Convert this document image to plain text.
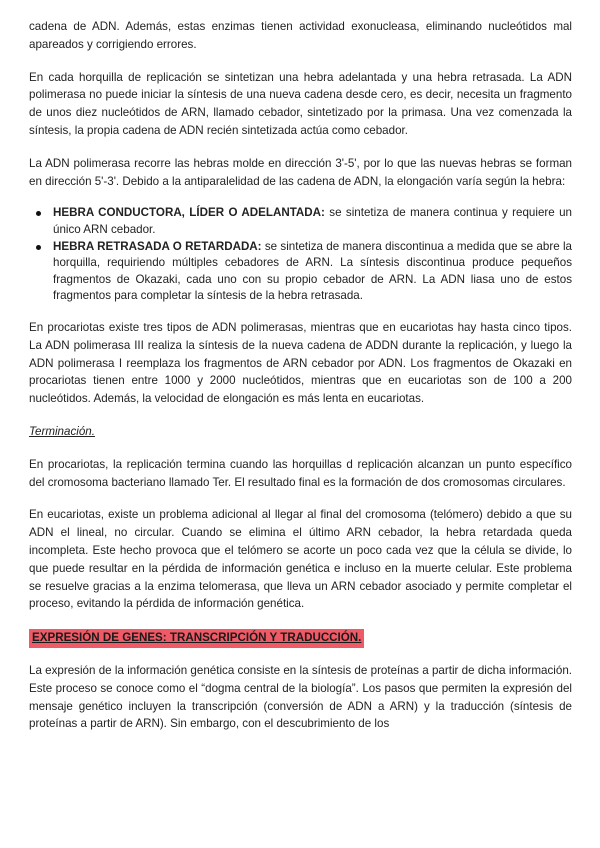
cadena de ADN. Además, estas enzimas tienen actividad exonucleasa, eliminando nucleótidos mal apareados y corrigiendo errores.

En cada horquilla de replicación se sintetizan una hebra adelantada y una hebra retrasada. La ADN polimerasa no puede iniciar la síntesis de una nueva cadena desde cero, es decir, necesita un fragmento de unos diez nucleótidos de ARN, llamado cebador, sintetizado por la primasa. Una vez comenzada la síntesis, la propia cadena de ADN recién sintetizada actúa como cebador.

La ADN polimerasa recorre las hebras molde en dirección 3'-5', por lo que las nuevas hebras se forman en dirección 5'-3'. Debido a la antiparalelidad de las cadena de ADN, la elongación varía según la hebra:

HEBRA CONDUCTORA, LÍDER O ADELANTADA: se sintetiza de manera continua y requiere un único ARN cebador.
HEBRA RETRASADA O RETARDADA: se sintetiza de manera discontinua a medida que se abre la horquilla, requiriendo múltiples cebadores de ARN. La síntesis discontinua produce pequeños fragmentos de Okazaki, cada uno con su propio cebador de ARN. La ADN liasa uno de estos fragmentos para completar la síntesis de la hebra retrasada.

En procariotas existe tres tipos de ADN polimerasas, mientras que en eucariotas hay hasta cinco tipos. La ADN polimerasa III realiza la síntesis de la nueva cadena de ADDN durante la replicación, y luego la ADN polimerasa I reemplaza los fragmentos de ARN cebador por ADN. Los fragmentos de Okazaki en procariotas tienen entre 1000 y 2000 nucleótidos, mientras que en eucariotas son de 100 a 200 nucleótidos. Además, la velocidad de elongación es más lenta en eucariotas.

Terminación.

En procariotas, la replicación termina cuando las horquillas d replicación alcanzan un punto específico del cromosoma bacteriano llamado Ter. El resultado final es la formación de dos cromosomas circulares.

En eucariotas, existe un problema adicional al llegar al final del cromosoma (telómero) debido a que su ADN el lineal, no circular. Cuando se elimina el último ARN cebador, la hebra retardada queda incompleta. Este hecho provoca que el telómero se acorte un poco cada vez que la célula se divide, lo que puede resultar en la pérdida de información genética e incluso en la muerte celular. Este problema se resuelve gracias a la enzima telomerasa, que lleva un ARN cebador asociado y permite completar el proceso, evitando la pérdida de información genética.

EXPRESIÓN DE GENES: TRANSCRIPCIÓN Y TRADUCCIÓN.

La expresión de la información genética consiste en la síntesis de proteínas a partir de dicha información. Este proceso se conoce como el “dogma central de la biología”. Los pasos que permiten la expresión del mensaje genético incluyen la transcripción (conversión de ADN a ARN) y la traducción (síntesis de proteínas a partir de ARN). Sin embargo, con el descubrimiento de los
